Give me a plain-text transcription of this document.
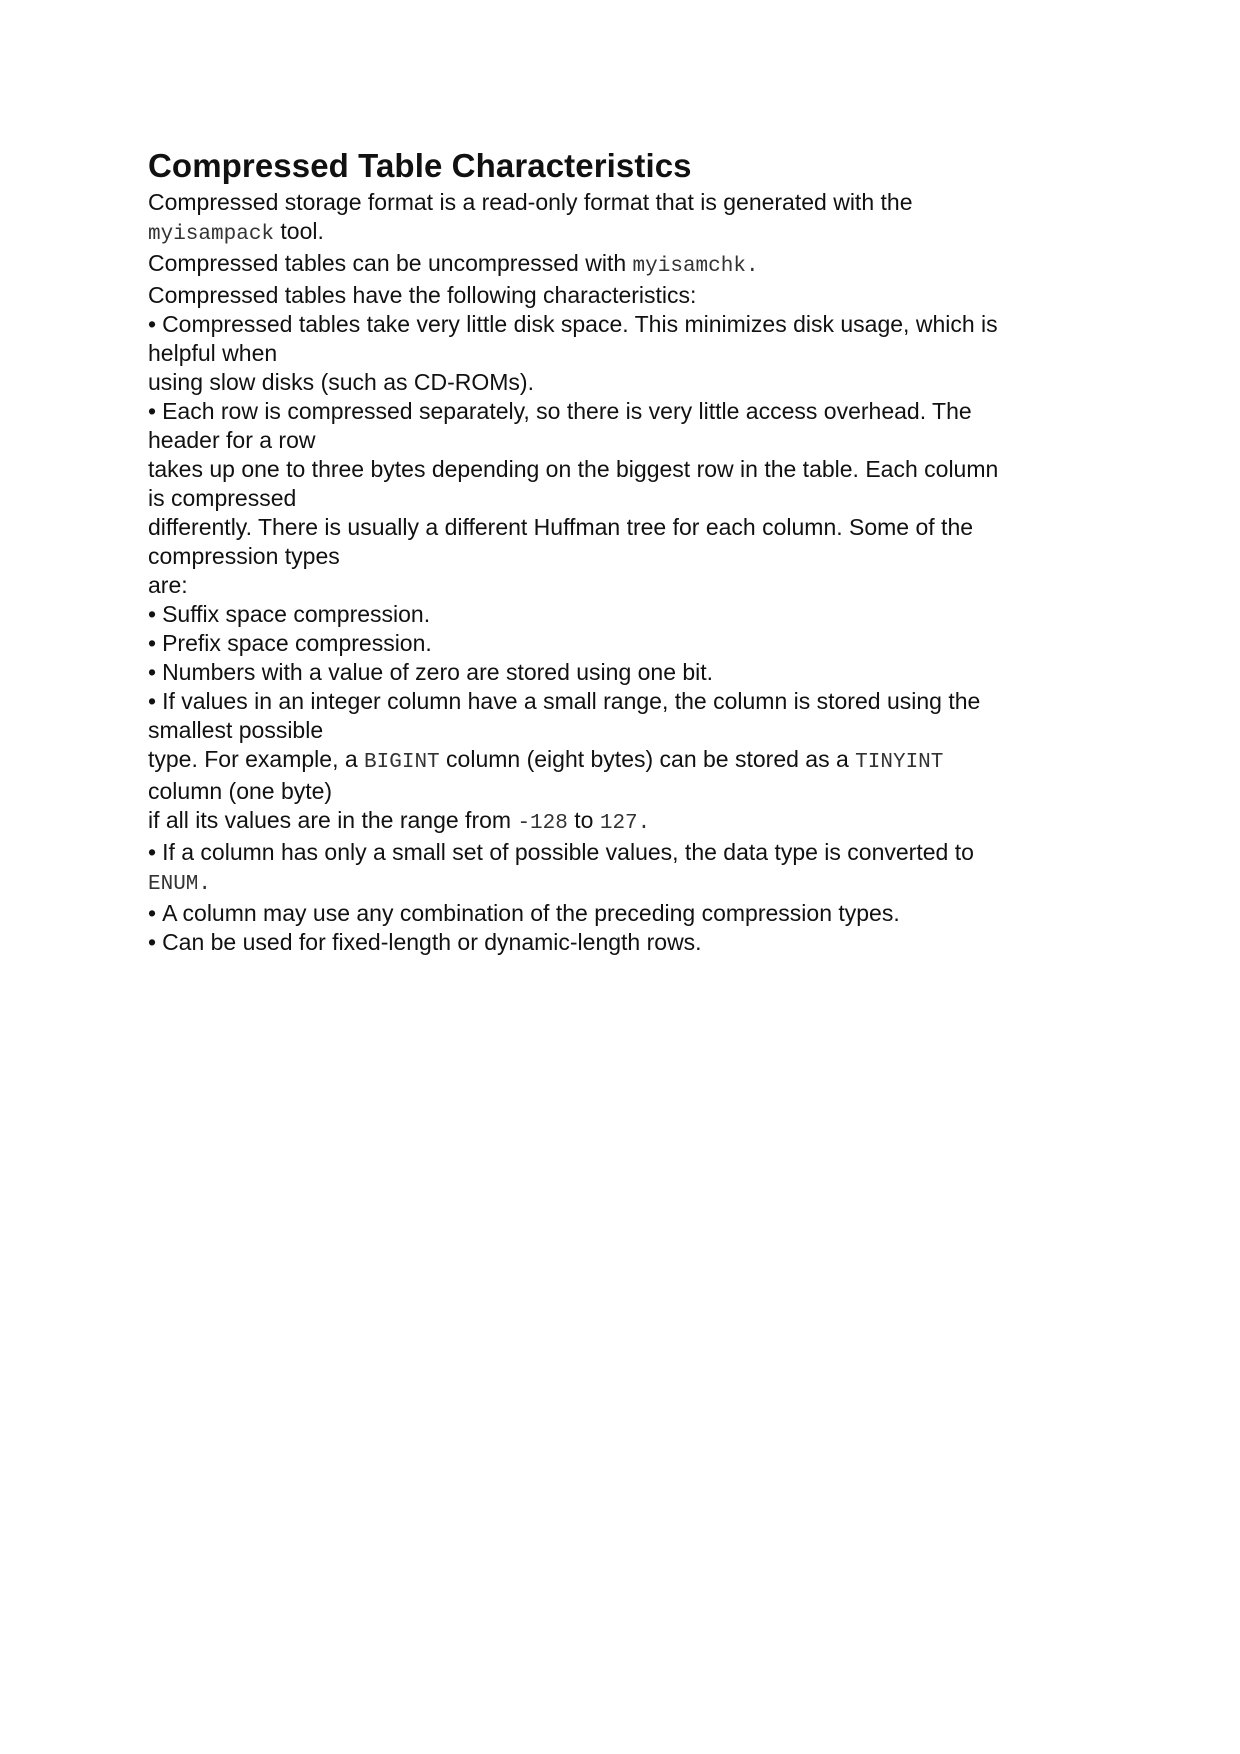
Compressed Table Characteristics
Compressed storage format is a read-only format that is generated with the
myisampack tool.
Compressed tables can be uncompressed with myisamchk.
Compressed tables have the following characteristics:
• Compressed tables take very little disk space. This minimizes disk usage, which is
helpful when
using slow disks (such as CD-ROMs).
• Each row is compressed separately, so there is very little access overhead. The
header for a row
takes up one to three bytes depending on the biggest row in the table. Each column
is compressed
differently. There is usually a different Huffman tree for each column. Some of the
compression types
are:
• Suffix space compression.
• Prefix space compression.
• Numbers with a value of zero are stored using one bit.
• If values in an integer column have a small range, the column is stored using the
smallest possible
type. For example, a BIGINT column (eight bytes) can be stored as a TINYINT
column (one byte)
if all its values are in the range from -128 to 127.
• If a column has only a small set of possible values, the data type is converted to
ENUM.
• A column may use any combination of the preceding compression types.
• Can be used for fixed-length or dynamic-length rows.
